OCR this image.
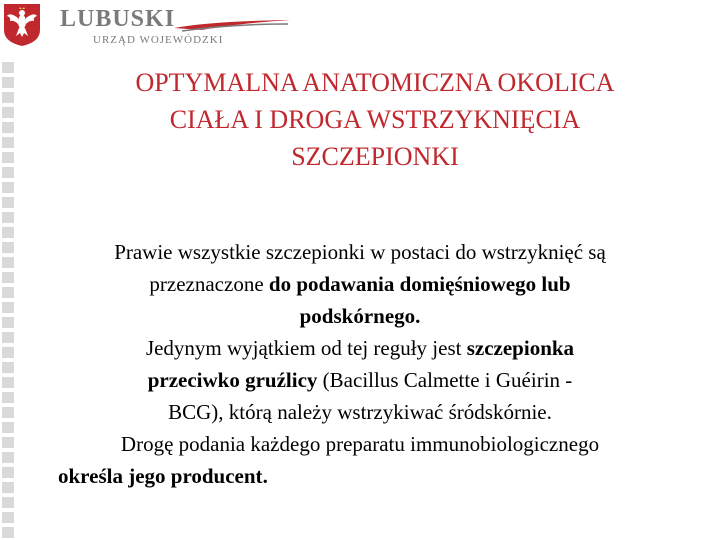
LUBUSKI
URZĄD WOJEWÓDZKI
OPTYMALNA ANATOMICZNA OKOLICA
CIAŁA I DROGA WSTRZYKNIĘCIA
SZCZEPIONKI
Prawie wszystkie szczepionki w postaci do wstrzyknięć są
przeznaczone do podawania domięśniowego lub
podskórnego.
Jedynym wyjątkiem od tej reguły jest szczepionka
przeciwko gruźlicy (Bacillus Calmette i Guéirin -
BCG), którą należy wstrzykiwać śródskórnie.
Drogę podania każdego preparatu immunobiologicznego
określa jego producent.
